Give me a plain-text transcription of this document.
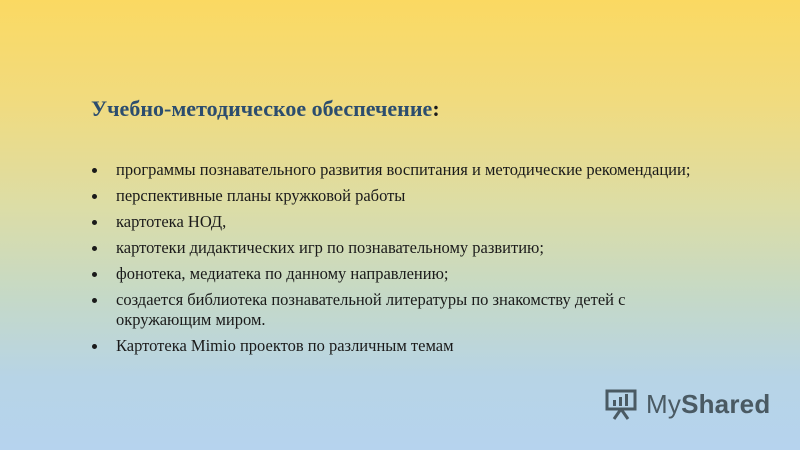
Учебно-методическое обеспечение:
программы познавательного развития воспитания и методические рекомендации;
перспективные планы кружковой работы
картотека НОД,
картотеки дидактических игр по познавательному развитию;
фонотека, медиатека по данному направлению;
создается библиотека познавательной литературы по знакомству детей с окружающим миром.
Картотека Mimio проектов по различным темам
MyShared
